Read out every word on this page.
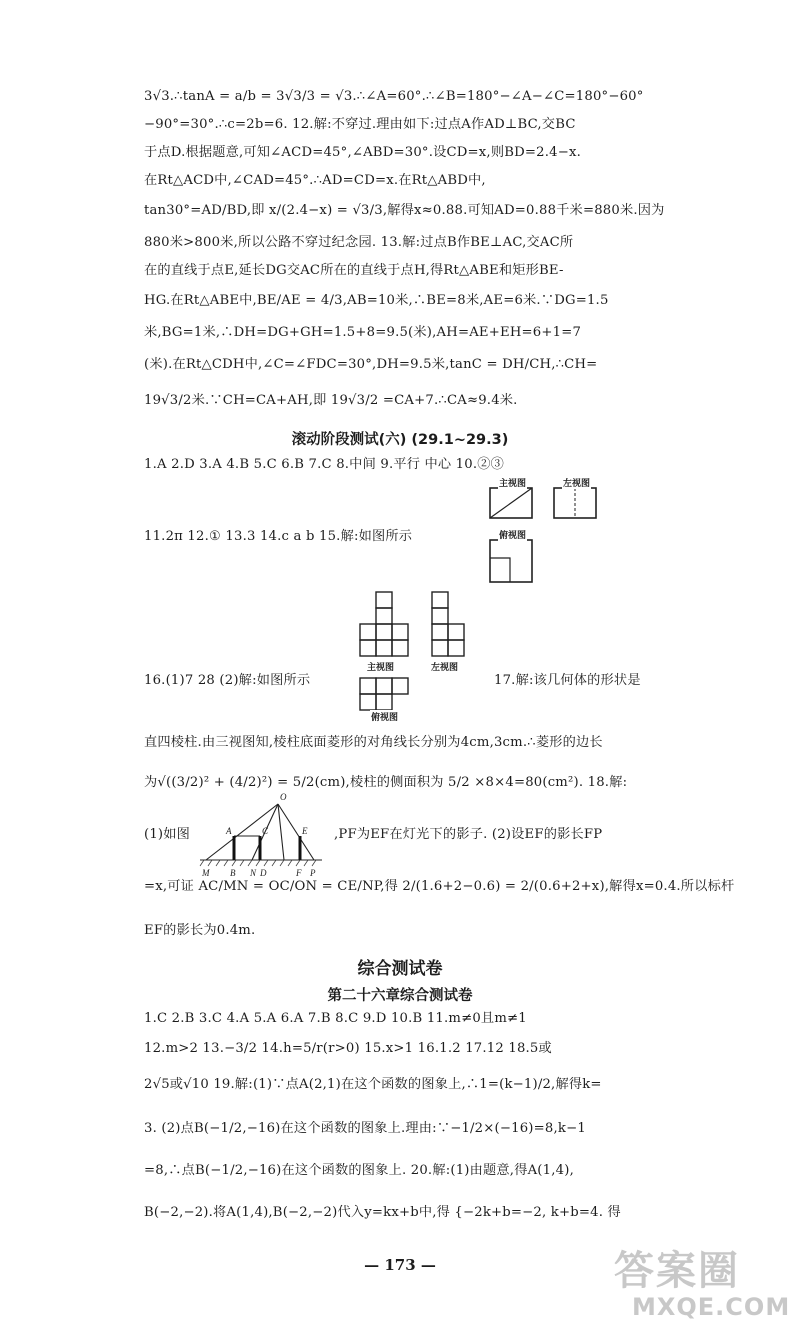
3√3.∴tanA = a/b = 3√3/3 = √3.∴∠A=60°.∴∠B=180°−∠A−∠C=180°−60°
−90°=30°.∴c=2b=6. 12.解:不穿过.理由如下:过点A作AD⊥BC,交BC
于点D.根据题意,可知∠ACD=45°,∠ABD=30°.设CD=x,则BD=2.4−x.
在Rt△ACD中,∠CAD=45°.∴AD=CD=x.在Rt△ABD中,
tan30°=AD/BD,即 x/(2.4−x) = √3/3,解得x≈0.88.可知AD=0.88千米=880米.因为
880米>800米,所以公路不穿过纪念园. 13.解:过点B作BE⊥AC,交AC所
在的直线于点E,延长DG交AC所在的直线于点H,得Rt△ABE和矩形BE-
HG.在Rt△ABE中,BE/AE = 4/3,AB=10米,∴BE=8米,AE=6米.∵DG=1.5
米,BG=1米,∴DH=DG+GH=1.5+8=9.5(米),AH=AE+EH=6+1=7
(米).在Rt△CDH中,∠C=∠FDC=30°,DH=9.5米,tanC = DH/CH,∴CH=
19√3/2米.∵CH=CA+AH,即 19√3/2 =CA+7.∴CA≈9.4米.
滚动阶段测试(六) (29.1~29.3)
1.A 2.D 3.A 4.B 5.C 6.B 7.C 8.中间 9.平行 中心 10.②③
主视图	左视图
俯视图
11.2π 12.① 13.3 14.c a b 15.解:如图所示
主视图	左视图
俯视图
16.(1)7 28 (2)解:如图所示	17.解:该几何体的形状是
直四棱柱.由三视图知,棱柱底面菱形的对角线长分别为4cm,3cm.∴菱形的边长
为√((3/2)² + (4/2)²) = 5/2(cm),棱柱的侧面积为 5/2 ×8×4=80(cm²). 18.解:
O
A	C	E
M B N D	F P
(1)如图	,PF为EF在灯光下的影子. (2)设EF的影长FP
=x,可证 AC/MN = OC/ON = CE/NP,得 2/(1.6+2−0.6) = 2/(0.6+2+x),解得x=0.4.所以标杆
EF的影长为0.4m.
综合测试卷
第二十六章综合测试卷
1.C 2.B 3.C 4.A 5.A 6.A 7.B 8.C 9.D 10.B 11.m≠0且m≠1
12.m>2 13.−3/2 14.h=5/r(r>0) 15.x>1 16.1.2 17.12 18.5或
2√5或√10 19.解:(1)∵点A(2,1)在这个函数的图象上,∴1=(k−1)/2,解得k=
3. (2)点B(−1/2,−16)在这个函数的图象上.理由:∵−1/2×(−16)=8,k−1
=8,∴点B(−1/2,−16)在这个函数的图象上. 20.解:(1)由题意,得A(1,4),
B(−2,−2).将A(1,4),B(−2,−2)代入y=kx+b中,得 {−2k+b=−2, k+b=4. 得
— 173 —	答案圈
MXQE.COM
